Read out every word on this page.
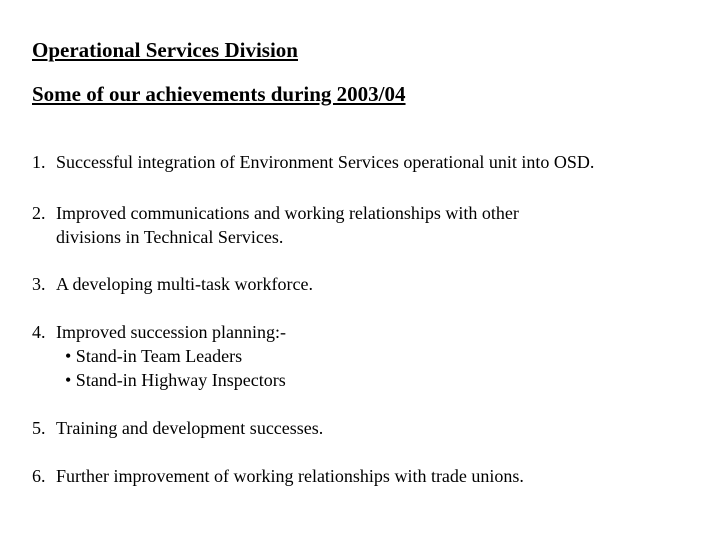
Operational Services Division
Some of our achievements during 2003/04
1. Successful integration of Environment Services operational unit into OSD.
2. Improved communications and working relationships with other
divisions in Technical Services.
3. A developing multi-task workforce.
4. Improved succession planning:-
• Stand-in Team Leaders
• Stand-in Highway Inspectors
5. Training and development successes.
6. Further improvement of working relationships with trade unions.
